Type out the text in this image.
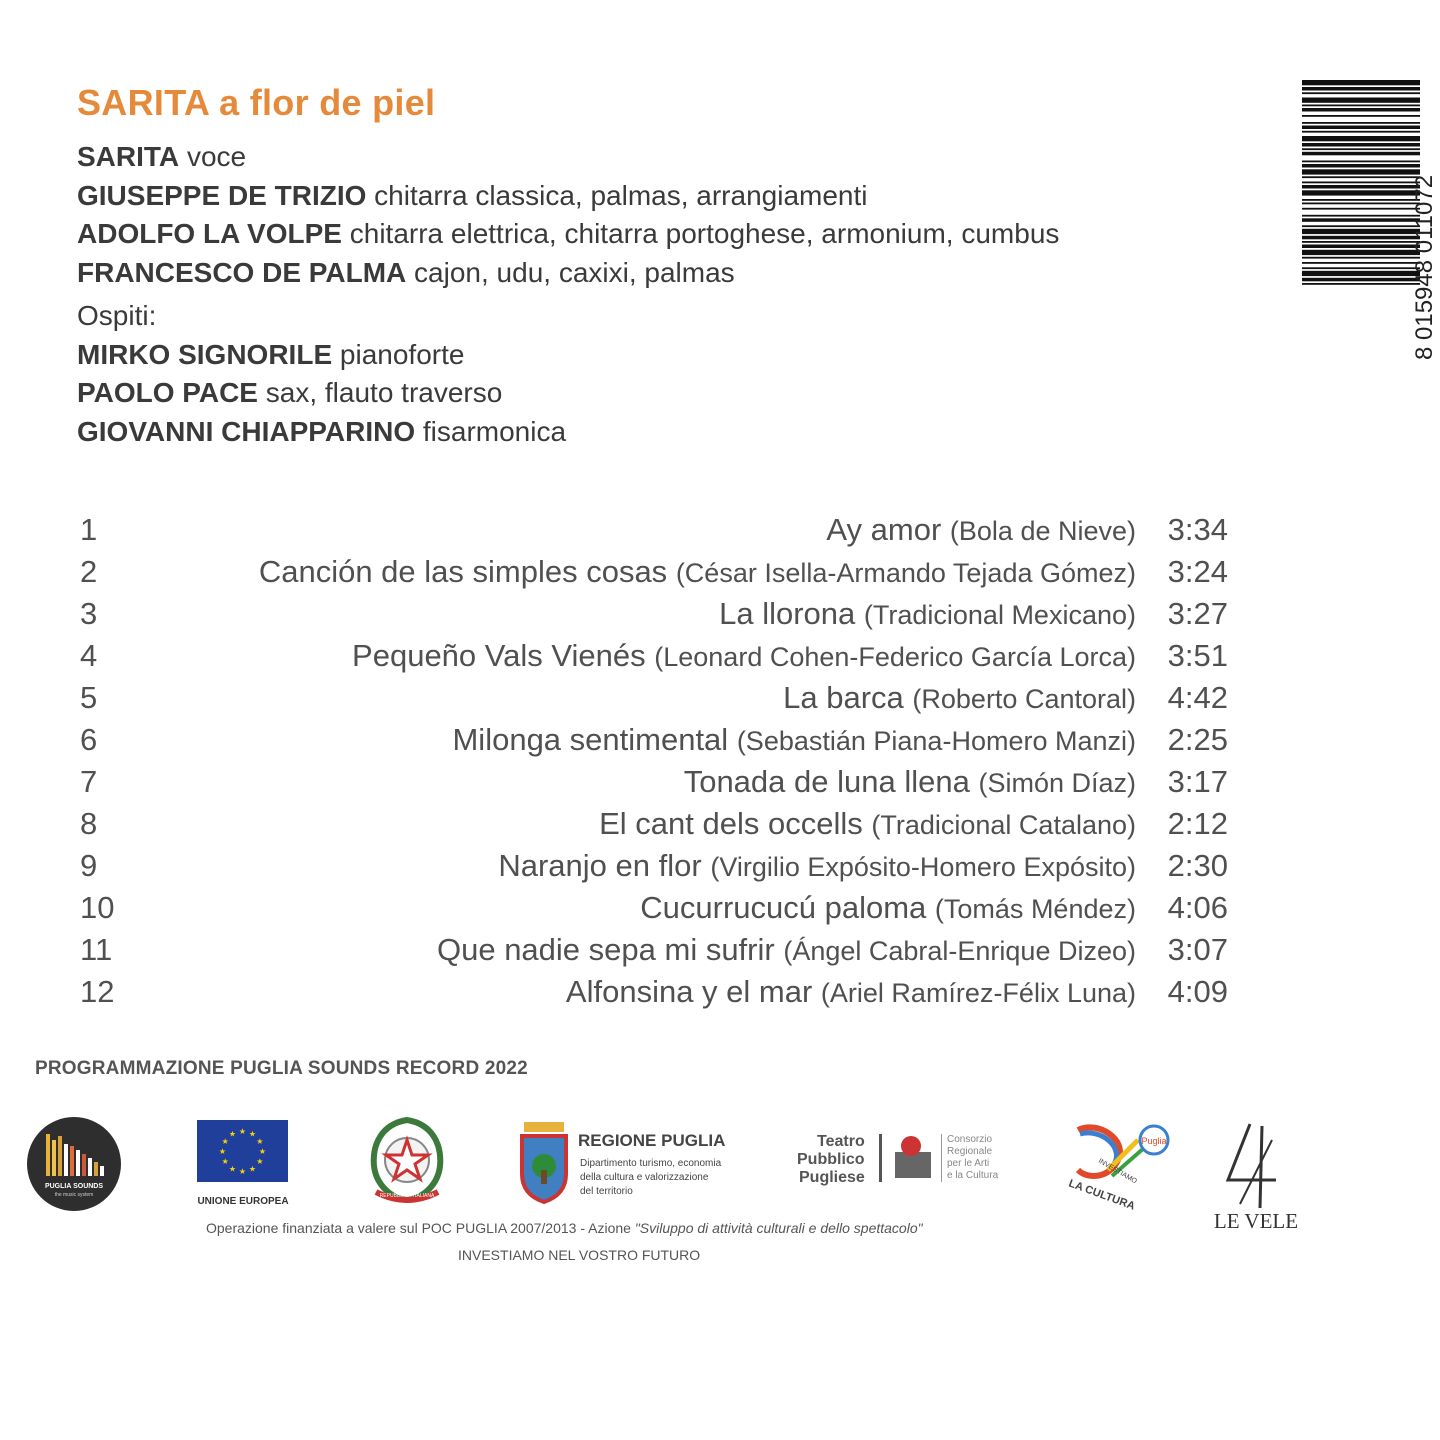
SARITA a flor de piel
SARITA voce
GIUSEPPE DE TRIZIO chitarra classica, palmas, arrangiamenti
ADOLFO LA VOLPE chitarra elettrica, chitarra portoghese, armonium, cumbus
FRANCESCO DE PALMA cajon, udu, caxixi, palmas
Ospiti:
MIRKO SIGNORILE pianoforte
PAOLO PACE sax, flauto traverso
GIOVANNI CHIAPPARINO fisarmonica
8 015948 011072
1	Ay amor (Bola de Nieve) 3:34
2	Canción de las simples cosas (César Isella-Armando Tejada Gómez) 3:24
3	La llorona (Tradicional Mexicano) 3:27
4	Pequeño Vals Vienés (Leonard Cohen-Federico García Lorca) 3:51
5	La barca (Roberto Cantoral) 4:42
6	Milonga sentimental (Sebastián Piana-Homero Manzi) 2:25
7	Tonada de luna llena (Simón Díaz) 3:17
8	El cant dels occells (Tradicional Catalano) 2:12
9	Naranjo en flor (Virgilio Expósito-Homero Expósito) 2:30
10	Cucurrucucú paloma (Tomás Méndez) 4:06
11	Que nadie sepa mi sufrir (Ángel Cabral-Enrique Dizeo) 3:07
12	Alfonsina y el mar (Ariel Ramírez-Félix Luna) 4:09
PROGRAMMAZIONE PUGLIA SOUNDS RECORD 2022
PUGLIA SOUNDS
the music system
★
★
★
★
★
★
★
★
★ ★ ★
★
UNIONE EUROPEA	REPUBBLICA ITALIANA
REGIONE PUGLIA
Dipartimento turismo, economia
della cultura e valorizzazione
del territorio
Teatro
Pubblico
Pugliese
Consorzio
Regionale
per le Arti
e la Cultura
Puglia
INVESTIAMO
LA CULTURA
LE VELE
Operazione finanziata a valere sul POC PUGLIA 2007/2013 - Azione "Sviluppo di attività culturali e dello spettacolo"
INVESTIAMO NEL VOSTRO FUTURO
